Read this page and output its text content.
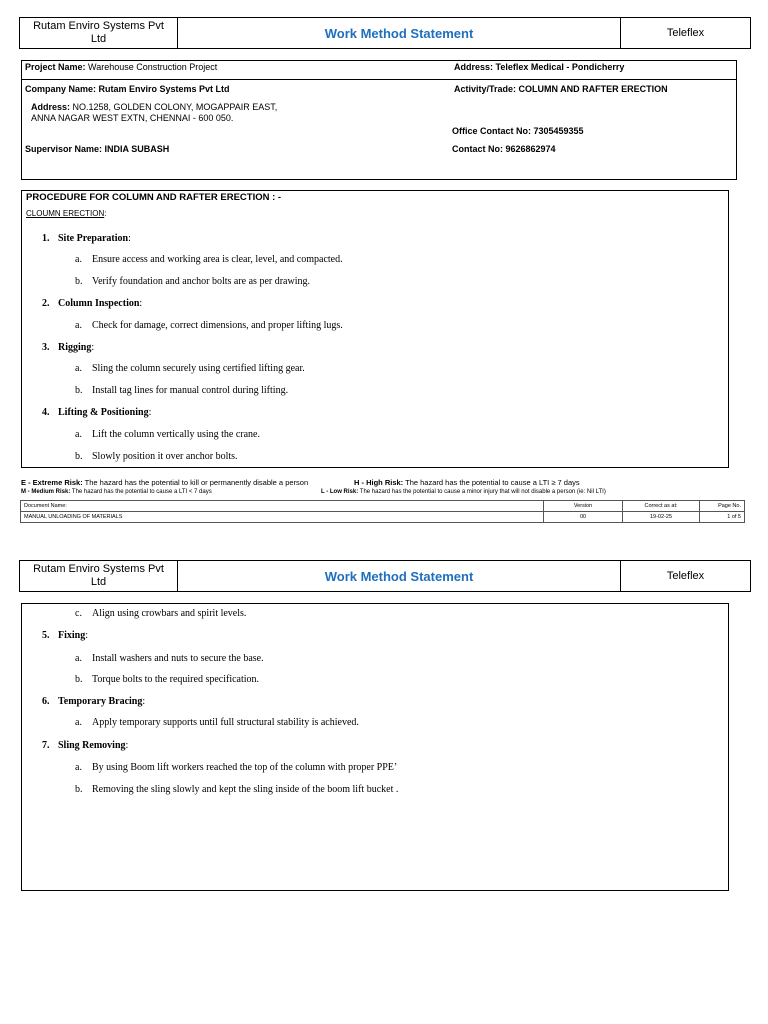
Rutam Enviro Systems Pvt Ltd	Work Method Statement	Teleflex
Project Name: Warehouse Construction Project	Address: Teleflex Medical - Pondicherry
Company Name: Rutam Enviro Systems Pvt Ltd	Activity/Trade: COLUMN AND RAFTER ERECTION
Address: NO.1258, GOLDEN COLONY, MOGAPPAIR EAST,
ANNA NAGAR WEST EXTN, CHENNAI - 600 050.
Office Contact No: 7305459355
Supervisor Name: INDIA SUBASH	Contact No: 9626862974
PROCEDURE FOR COLUMN AND RAFTER ERECTION : -
CLOUMN ERECTION:
1. Site Preparation:
a. Ensure access and working area is clear, level, and compacted.
b. Verify foundation and anchor bolts are as per drawing.
2. Column Inspection:
a. Check for damage, correct dimensions, and proper lifting lugs.
3. Rigging:
a. Sling the column securely using certified lifting gear.
b. Install tag lines for manual control during lifting.
4. Lifting & Positioning:
a. Lift the column vertically using the crane.
b. Slowly position it over anchor bolts.
E - Extreme Risk: The hazard has the potential to kill or permanently disable a person	H - High Risk: The hazard has the potential to cause a LTI ≥ 7 days
M - Medium Risk: The hazard has the potential to cause a LTI < 7 days	L - Low Risk: The hazard has the potential to cause a minor injury that will not disable a person (ie: Nil LTI)
Document Name:	Version	Correct as at:	Page No.
MANUAL UNLOADING OF MATERIALS	00	19-02-25	1 of 5
Rutam Enviro Systems Pvt Ltd	Work Method Statement	Teleflex
c. Align using crowbars and spirit levels.
5. Fixing:
a. Install washers and nuts to secure the base.
b. Torque bolts to the required specification.
6. Temporary Bracing:
a. Apply temporary supports until full structural stability is achieved.
7. Sling Removing:
a. By using Boom lift workers reached the top of the column with proper PPE’
b. Removing the sling slowly and kept the sling inside of the boom lift bucket .
